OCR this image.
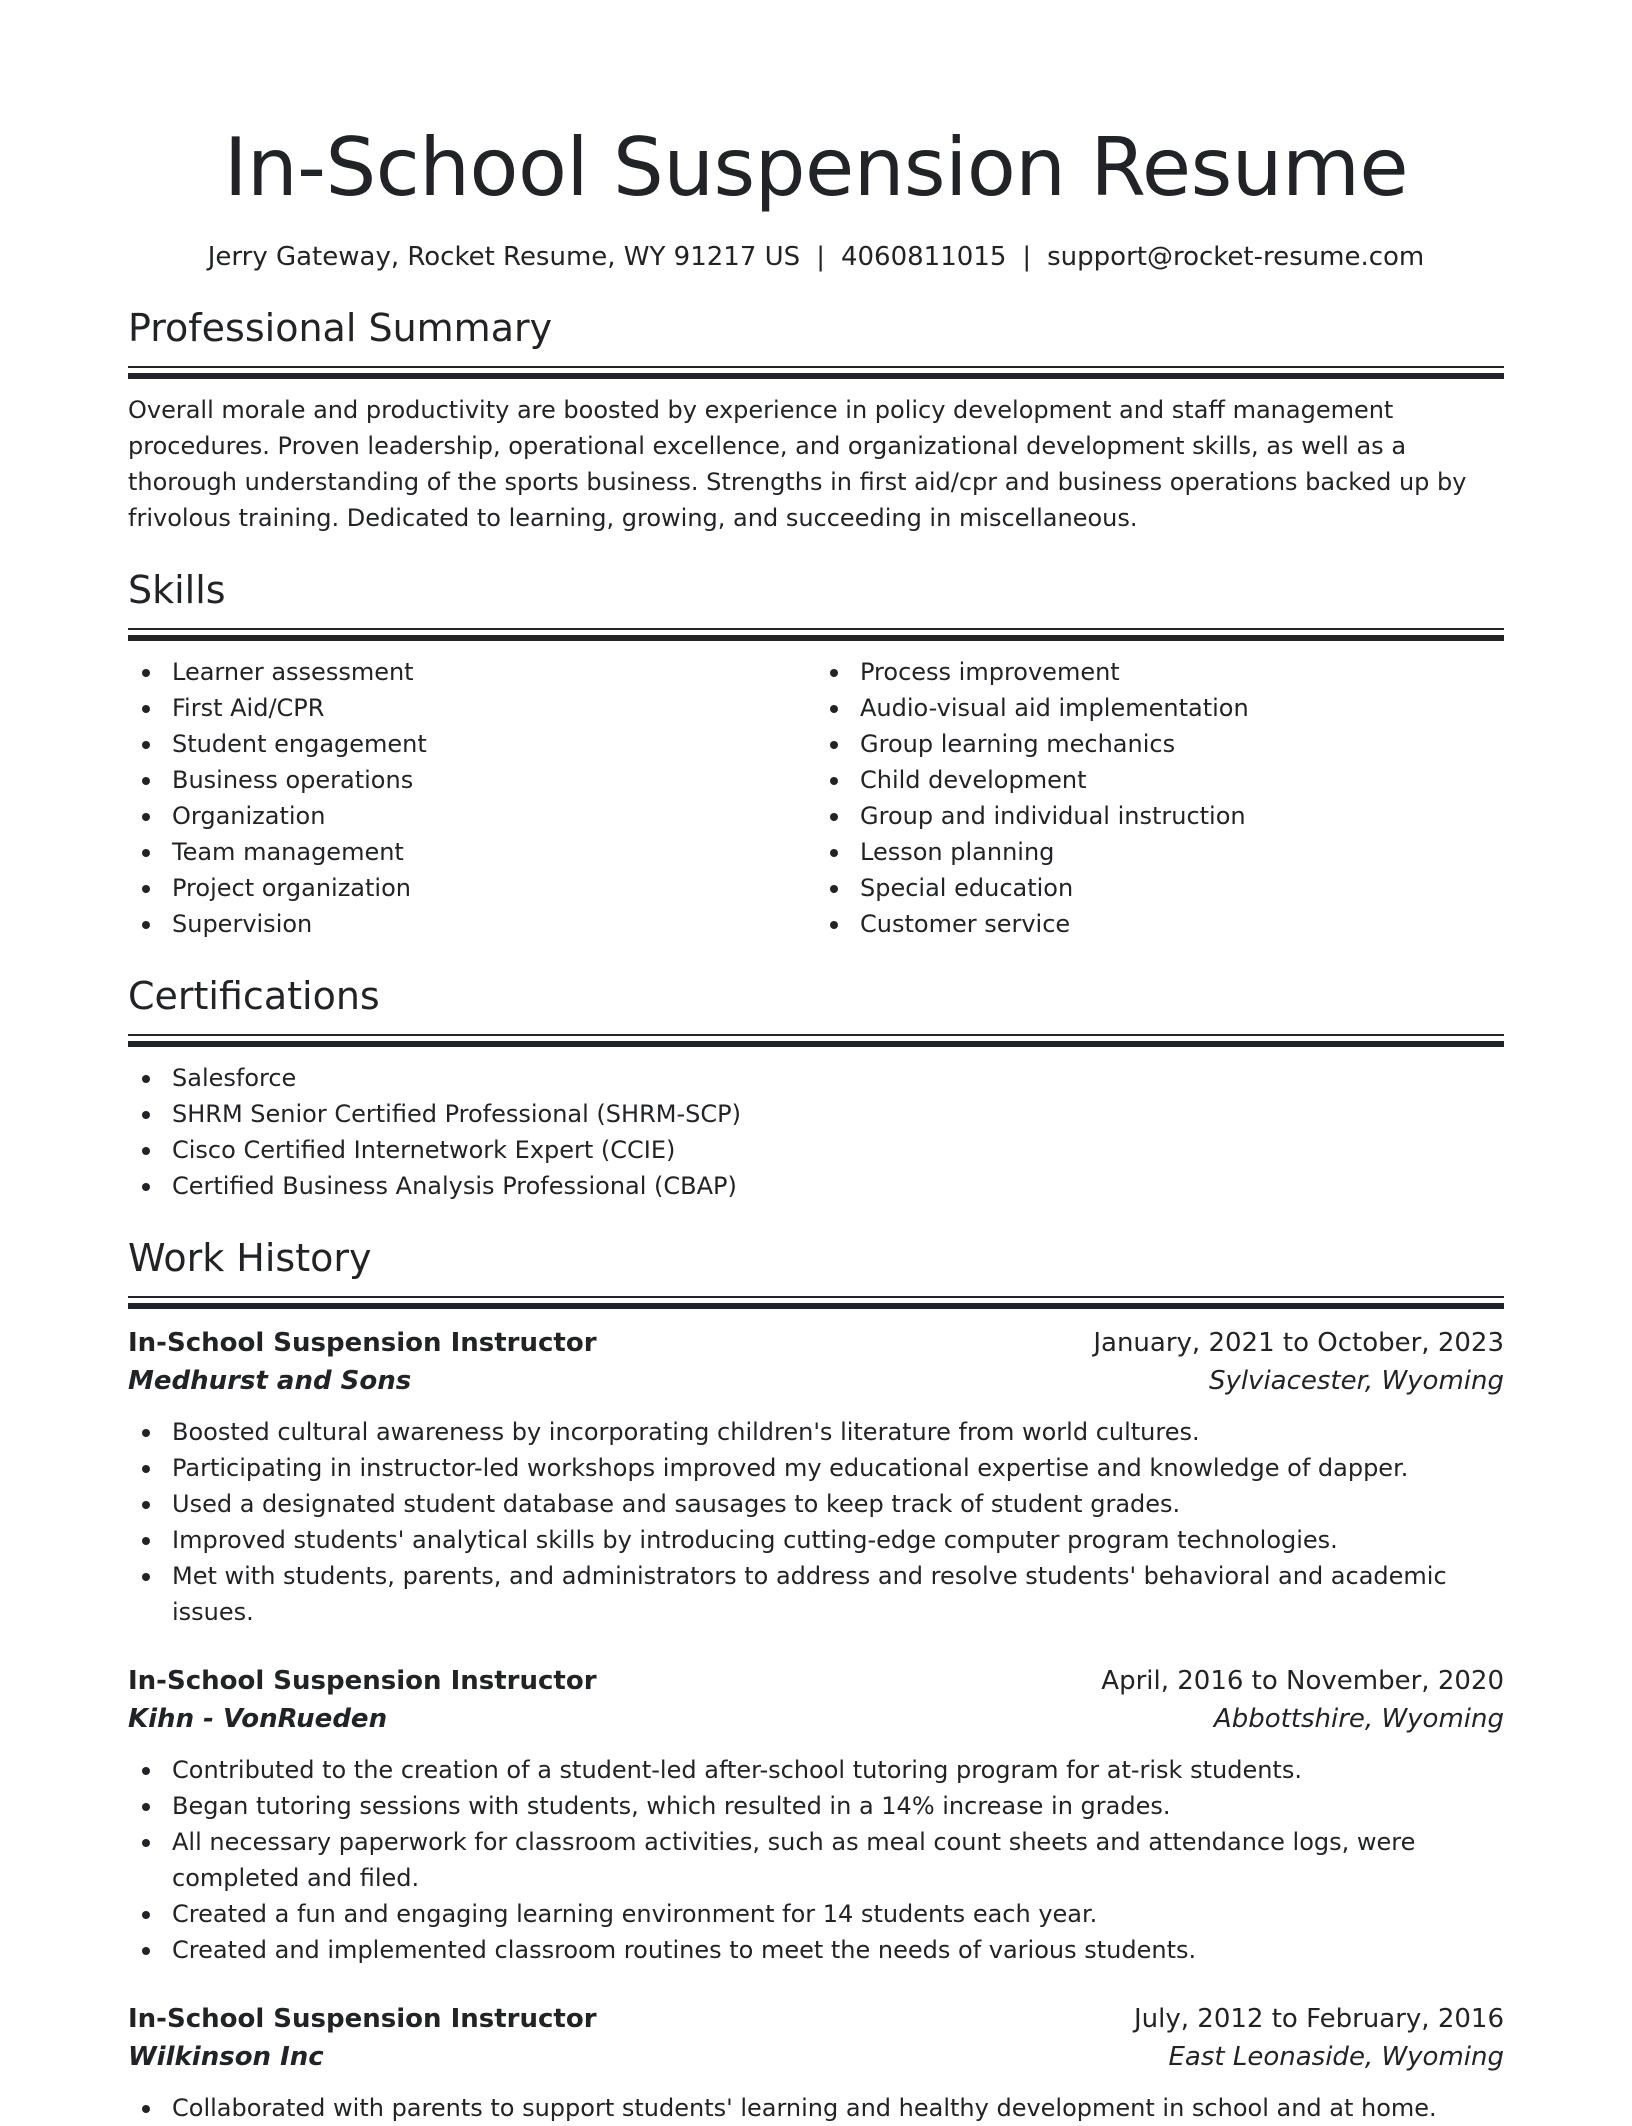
In-School Suspension Resume
Jerry Gateway, Rocket Resume, WY 91217 US | 4060811015 | support@rocket-resume.com
Professional Summary

Overall morale and productivity are boosted by experience in policy development and staff management procedures. Proven leadership, operational excellence, and organizational development skills, as well as a thorough understanding of the sports business. Strengths in first aid/cpr and business operations backed up by frivolous training. Dedicated to learning, growing, and succeeding in miscellaneous.

Skills
Learner assessment
First Aid/CPR
Student engagement
Business operations
Organization
Team management
Project organization
Supervision
Process improvement
Audio-visual aid implementation
Group learning mechanics
Child development
Group and individual instruction
Lesson planning
Special education
Customer service
Certifications
Salesforce
SHRM Senior Certified Professional (SHRM-SCP)
Cisco Certified Internetwork Expert (CCIE)
Certified Business Analysis Professional (CBAP)
Work History
In-School Suspension Instructor	January, 2021 to October, 2023
Medhurst and Sons	Sylviacester, Wyoming
Boosted cultural awareness by incorporating children's literature from world cultures.
Participating in instructor-led workshops improved my educational expertise and knowledge of dapper.
Used a designated student database and sausages to keep track of student grades.
Improved students' analytical skills by introducing cutting-edge computer program technologies.
Met with students, parents, and administrators to address and resolve students' behavioral and academic issues.
In-School Suspension Instructor	April, 2016 to November, 2020
Kihn - VonRueden	Abbottshire, Wyoming
Contributed to the creation of a student-led after-school tutoring program for at-risk students.
Began tutoring sessions with students, which resulted in a 14% increase in grades.
All necessary paperwork for classroom activities, such as meal count sheets and attendance logs, were completed and filed.
Created a fun and engaging learning environment for 14 students each year.
Created and implemented classroom routines to meet the needs of various students.
In-School Suspension Instructor	July, 2012 to February, 2016
Wilkinson Inc	East Leonaside, Wyoming
Collaborated with parents to support students' learning and healthy development in school and at home.
